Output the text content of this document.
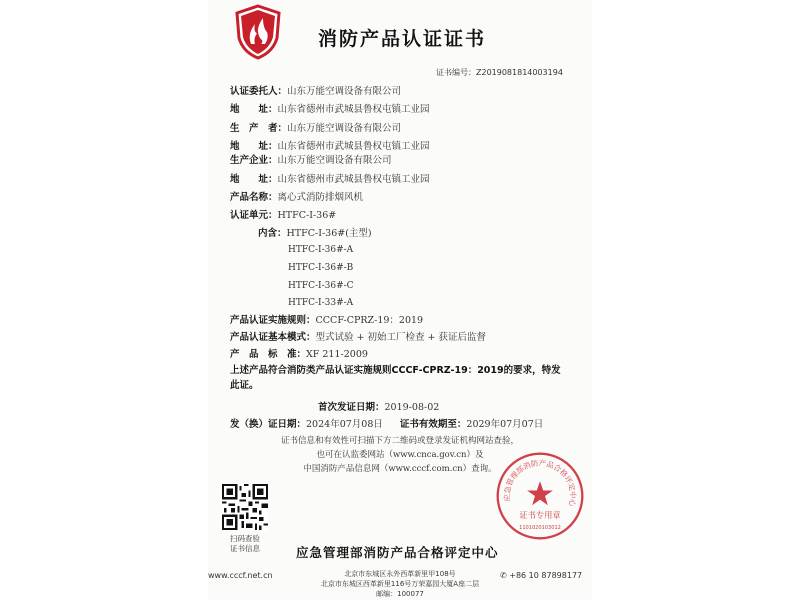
消防产品认证证书
证书编号：Z2019081814003194
认证委托人：山东万能空调设备有限公司
地　　址：山东省德州市武城县鲁权屯镇工业园
生　产　者：山东万能空调设备有限公司
地　　址：山东省德州市武城县鲁权屯镇工业园
生产企业：山东万能空调设备有限公司
地　　址：山东省德州市武城县鲁权屯镇工业园
产品名称：离心式消防排烟风机
认证单元：HTFC-Ⅰ-36#
内含：HTFC-Ⅰ-36#(主型)
HTFC-Ⅰ-36#-A
HTFC-Ⅰ-36#-B
HTFC-Ⅰ-36#-C
HTFC-Ⅰ-33#-A
产品认证实施规则：CCCF-CPRZ-19：2019
产品认证基本模式：型式试验 + 初始工厂检查 + 获证后监督
产　品　标　准：XF 211-2009
上述产品符合消防类产品认证实施规则CCCF-CPRZ-19：2019的要求，特发此证。
首次发证日期：2019-08-02
发（换）证日期：2024年07月08日 证书有效期至：2029年07月07日
证书信息和有效性可扫描下方二维码或登录发证机构网站查验，
也可在认监委网站（www.cnca.gov.cn）及
中国消防产品信息网（www.cccf.com.cn）查询。
扫码查验
证书信息
应急管理部消防产品合格评定中心
证书专用章
1101020103012
应急管理部消防产品合格评定中心
www.cccf.net.cn	✆ +86 10 87898177
北京市东城区永外西革新里甲108号
北京市东城区西革新里116号万荣嘉园大厦A座二层
邮编：100077
